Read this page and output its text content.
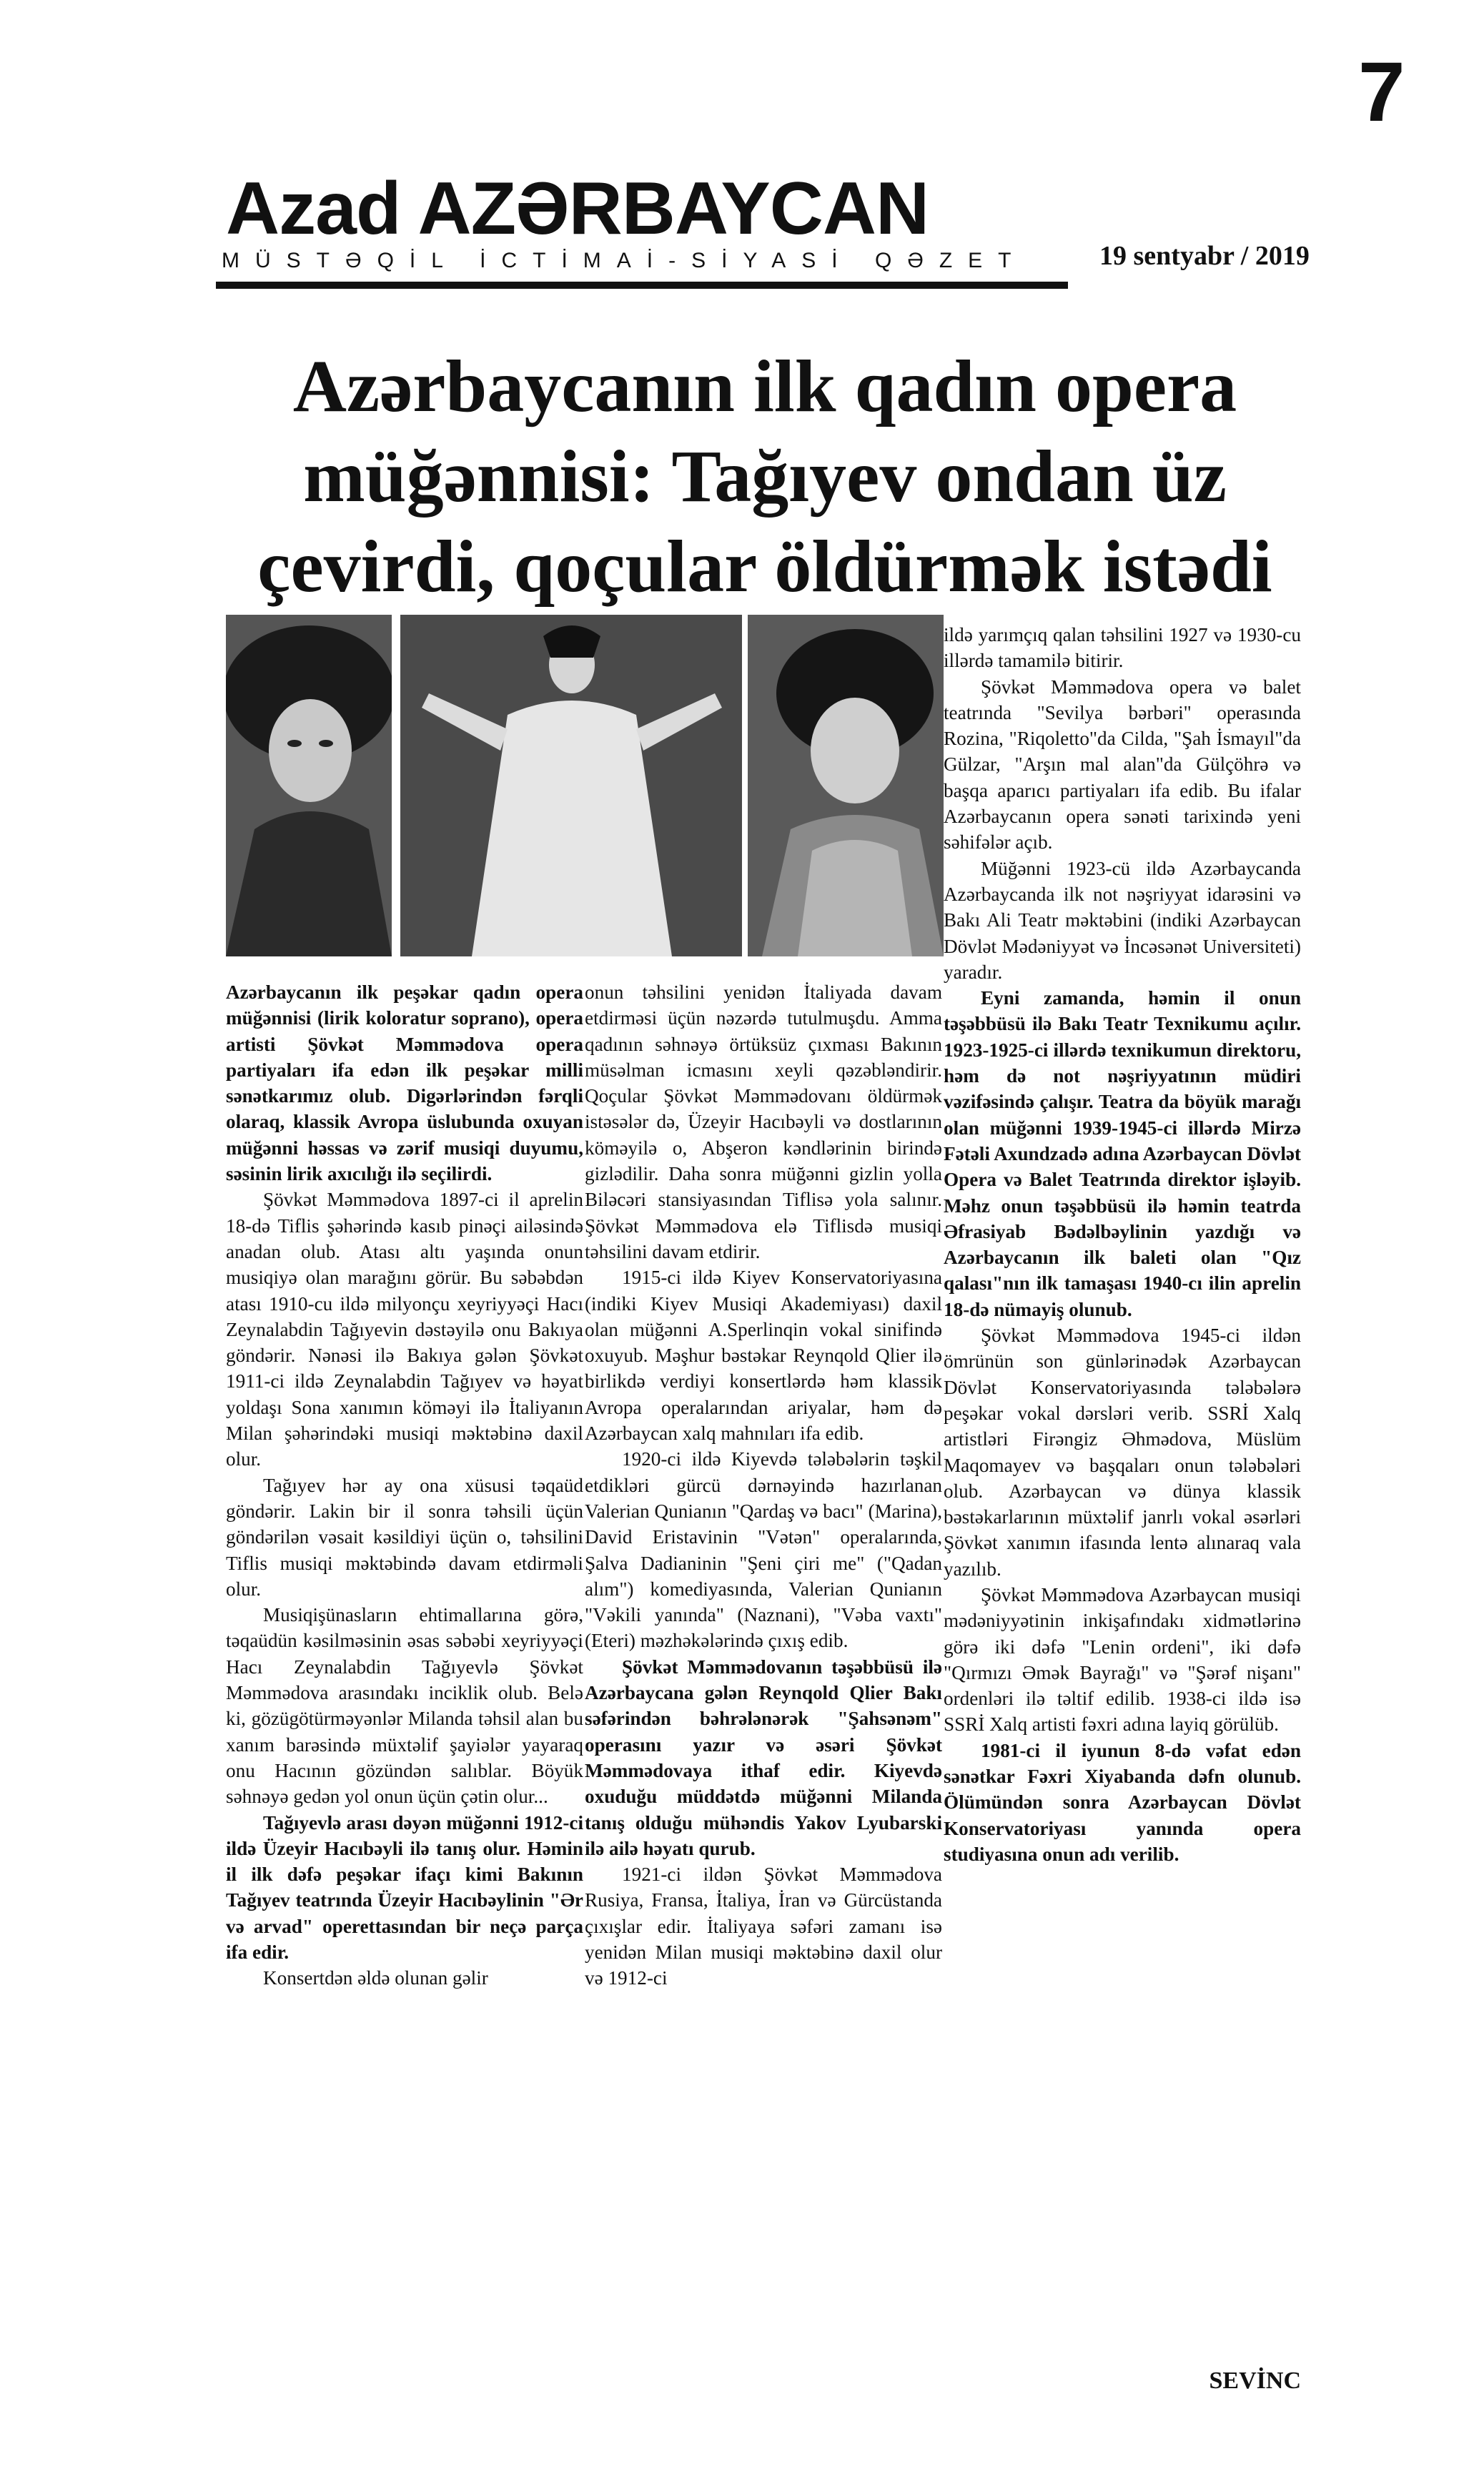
7
Azad AZƏRBAYCAN
MÜSTƏQİL İCTİMAİ-SİYASİ QƏZET	19 sentyabr / 2019
Azərbaycanın ilk qadın opera müğənnisi: Tağıyev ondan üz çevirdi, qoçular öldürmək istədi

Azərbaycanın ilk peşəkar qadın opera müğənnisi (lirik koloratur soprano), opera artisti Şövkət Məmmədova opera partiyaları ifa edən ilk peşəkar milli sənətkarımız olub. Digərlərindən fərqli olaraq, klassik Avropa üslubunda oxuyan müğənni həssas və zərif musiqi duyumu, səsinin lirik axıcılığı ilə seçilirdi.

Şövkət Məmmədova 1897-ci il aprelin 18-də Tiflis şəhərində kasıb pinəçi ailəsində anadan olub. Atası altı yaşında onun musiqiyə olan marağını görür. Bu səbəbdən atası 1910-cu ildə milyonçu xeyriyyəçi Hacı Zeynalabdin Tağıyevin dəstəyilə onu Bakıya göndərir. Nənəsi ilə Bakıya gələn Şövkət 1911-ci ildə Zeynalabdin Tağıyev və həyat yoldaşı Sona xanımın köməyi ilə İtaliyanın Milan şəhərindəki musiqi məktəbinə daxil olur.

Tağıyev hər ay ona xüsusi təqaüd göndərir. Lakin bir il sonra təhsili üçün göndərilən vəsait kəsildiyi üçün o, təhsilini Tiflis musiqi məktəbində davam etdirməli olur.

Musiqişünasların ehtimallarına görə, təqaüdün kəsilməsinin əsas səbəbi xeyriyyəçi Hacı Zeynalabdin Tağıyevlə Şövkət Məmmədova arasındakı inciklik olub. Belə ki, gözügötürməyənlər Milanda təhsil alan bu xanım barəsində müxtəlif şayiələr yayaraq onu Hacının gözündən salıblar. Böyük səhnəyə gedən yol onun üçün çətin olur...

Tağıyevlə arası dəyən müğənni 1912-ci ildə Üzeyir Hacıbəyli ilə tanış olur. Həmin il ilk dəfə peşəkar ifaçı kimi Bakının Tağıyev teatrında Üzeyir Hacıbəylinin "Ər və arvad" operettasından bir neçə parça ifa edir.

Konsertdən əldə olunan gəlir

onun təhsilini yenidən İtaliyada davam etdirməsi üçün nəzərdə tutulmuşdu. Amma qadının səhnəyə örtüksüz çıxması Bakının müsəlman icmasını xeyli qəzəbləndirir. Qoçular Şövkət Məmmədovanı öldürmək istəsələr də, Üzeyir Hacıbəyli və dostlarının köməyilə o, Abşeron kəndlərinin birində gizlədilir. Daha sonra müğənni gizlin yolla Biləcəri stansiyasından Tiflisə yola salınır. Şövkət Məmmədova elə Tiflisdə musiqi təhsilini davam etdirir.

1915-ci ildə Kiyev Konservatoriyasına (indiki Kiyev Musiqi Akademiyası) daxil olan müğənni A.Sperlinqin vokal sinifində oxuyub. Məşhur bəstəkar Reynqold Qlier ilə birlikdə verdiyi konsertlərdə həm klassik Avropa operalarından ariyalar, həm də Azərbaycan xalq mahnıları ifa edib.

1920-ci ildə Kiyevdə tələbələrin təşkil etdikləri gürcü dərnəyində hazırlanan Valerian Qunianın "Qardaş və bacı" (Marina), David Eristavinin "Vətən" operalarında, Şalva Dadianinin "Şeni çiri me" ("Qadan alım") komediyasında, Valerian Qunianın "Vəkili yanında" (Naznani), "Vəba vaxtı" (Eteri) məzhəkələrində çıxış edib.

Şövkət Məmmədovanın təşəbbüsü ilə Azərbaycana gələn Reynqold Qlier Bakı səfərindən bəhrələnərək "Şahsənəm" operasını yazır və əsəri Şövkət Məmmədovaya ithaf edir. Kiyevdə oxuduğu müddətdə müğənni Milanda tanış olduğu mühəndis Yakov Lyubarski ilə ailə həyatı qurub.

1921-ci ildən Şövkət Məmmədova Rusiya, Fransa, İtaliya, İran və Gürcüstanda çıxışlar edir. İtaliyaya səfəri zamanı isə yenidən Milan musiqi məktəbinə daxil olur və 1912-ci

ildə yarımçıq qalan təhsilini 1927 və 1930-cu illərdə tamamilə bitirir.

Şövkət Məmmədova opera və balet teatrında "Sevilya bərbəri" operasında Rozina, "Riqoletto"da Cilda, "Şah İsmayıl"da Gülzar, "Arşın mal alan"da Gülçöhrə və başqa aparıcı partiyaları ifa edib. Bu ifalar Azərbaycanın opera sənəti tarixində yeni səhifələr açıb.

Müğənni 1923-cü ildə Azərbaycanda Azərbaycanda ilk not nəşriyyat idarəsini və Bakı Ali Teatr məktəbini (indiki Azərbaycan Dövlət Mədəniyyət və İncəsənət Universiteti) yaradır.

Eyni zamanda, həmin il onun təşəbbüsü ilə Bakı Teatr Texnikumu açılır. 1923-1925-ci illərdə texnikumun direktoru, həm də not nəşriyyatının müdiri vəzifəsində çalışır. Teatra da böyük marağı olan müğənni 1939-1945-ci illərdə Mirzə Fətəli Axundzadə adına Azərbaycan Dövlət Opera və Balet Teatrında direktor işləyib. Məhz onun təşəbbüsü ilə həmin teatrda Əfrasiyab Bədəlbəylinin yazdığı və Azərbaycanın ilk baleti olan "Qız qalası"nın ilk tamaşası 1940-cı ilin aprelin 18-də nümayiş olunub.

Şövkət Məmmədova 1945-ci ildən ömrünün son günlərinədək Azərbaycan Dövlət Konservatoriyasında tələbələrə peşəkar vokal dərsləri verib. SSRİ Xalq artistləri Firəngiz Əhmədova, Müslüm Maqomayev və başqaları onun tələbələri olub. Azərbaycan və dünya klassik bəstəkarlarının müxtəlif janrlı vokal əsərləri Şövkət xanımın ifasında lentə alınaraq vala yazılıb.

Şövkət Məmmədova Azərbaycan musiqi mədəniyyətinin inkişafındakı xidmətlərinə görə iki dəfə "Lenin ordeni", iki dəfə "Qırmızı Əmək Bayrağı" və "Şərəf nişanı" ordenləri ilə təltif edilib. 1938-ci ildə isə SSRİ Xalq artisti fəxri adına layiq görülüb.

1981-ci il iyunun 8-də vəfat edən sənətkar Fəxri Xiyabanda dəfn olunub. Ölümündən sonra Azərbaycan Dövlət Konservatoriyası yanında opera studiyasına onun adı verilib.

SEVİNC
